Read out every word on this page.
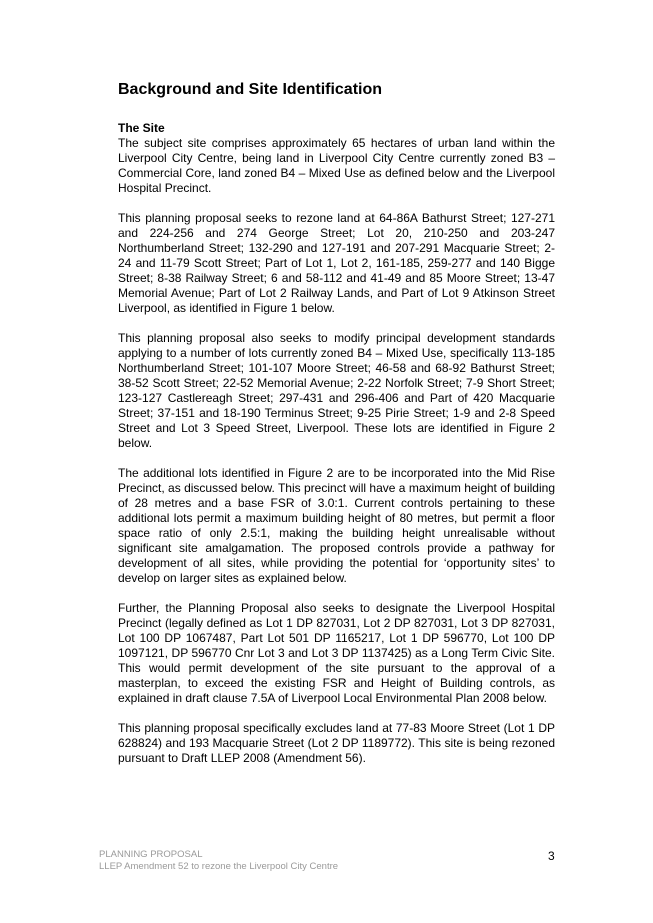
Background and Site Identification
The Site

The subject site comprises approximately 65 hectares of urban land within the Liverpool City Centre, being land in Liverpool City Centre currently zoned B3 – Commercial Core, land zoned B4 – Mixed Use as defined below and the Liverpool Hospital Precinct.

This planning proposal seeks to rezone land at 64-86A Bathurst Street; 127-271 and 224-256 and 274 George Street; Lot 20, 210-250 and 203-247 Northumberland Street; 132-290 and 127-191 and 207-291 Macquarie Street; 2-24 and 11-79 Scott Street; Part of Lot 1, Lot 2, 161-185, 259-277 and 140 Bigge Street; 8-38 Railway Street; 6 and 58-112 and 41-49 and 85 Moore Street; 13-47 Memorial Avenue; Part of Lot 2 Railway Lands, and Part of Lot 9 Atkinson Street Liverpool, as identified in Figure 1 below.

This planning proposal also seeks to modify principal development standards applying to a number of lots currently zoned B4 – Mixed Use, specifically 113-185 Northumberland Street; 101-107 Moore Street; 46-58 and 68-92 Bathurst Street; 38-52 Scott Street; 22-52 Memorial Avenue; 2-22 Norfolk Street; 7-9 Short Street; 123-127 Castlereagh Street; 297-431 and 296-406 and Part of 420 Macquarie Street; 37-151 and 18-190 Terminus Street; 9-25 Pirie Street; 1-9 and 2-8 Speed Street and Lot 3 Speed Street, Liverpool. These lots are identified in Figure 2 below.

The additional lots identified in Figure 2 are to be incorporated into the Mid Rise Precinct, as discussed below. This precinct will have a maximum height of building of 28 metres and a base FSR of 3.0:1. Current controls pertaining to these additional lots permit a maximum building height of 80 metres, but permit a floor space ratio of only 2.5:1, making the building height unrealisable without significant site amalgamation. The proposed controls provide a pathway for development of all sites, while providing the potential for ‘opportunity sites’ to develop on larger sites as explained below.

Further, the Planning Proposal also seeks to designate the Liverpool Hospital Precinct (legally defined as Lot 1 DP 827031, Lot 2 DP 827031, Lot 3 DP 827031, Lot 100 DP 1067487, Part Lot 501 DP 1165217, Lot 1 DP 596770, Lot 100 DP 1097121, DP 596770 Cnr Lot 3 and Lot 3 DP 1137425) as a Long Term Civic Site. This would permit development of the site pursuant to the approval of a masterplan, to exceed the existing FSR and Height of Building controls, as explained in draft clause 7.5A of Liverpool Local Environmental Plan 2008 below.

This planning proposal specifically excludes land at 77-83 Moore Street (Lot 1 DP 628824) and 193 Macquarie Street (Lot 2 DP 1189772). This site is being rezoned pursuant to Draft LLEP 2008 (Amendment 56).

PLANNING PROPOSAL
LLEP Amendment 52 to rezone the Liverpool City Centre
3
